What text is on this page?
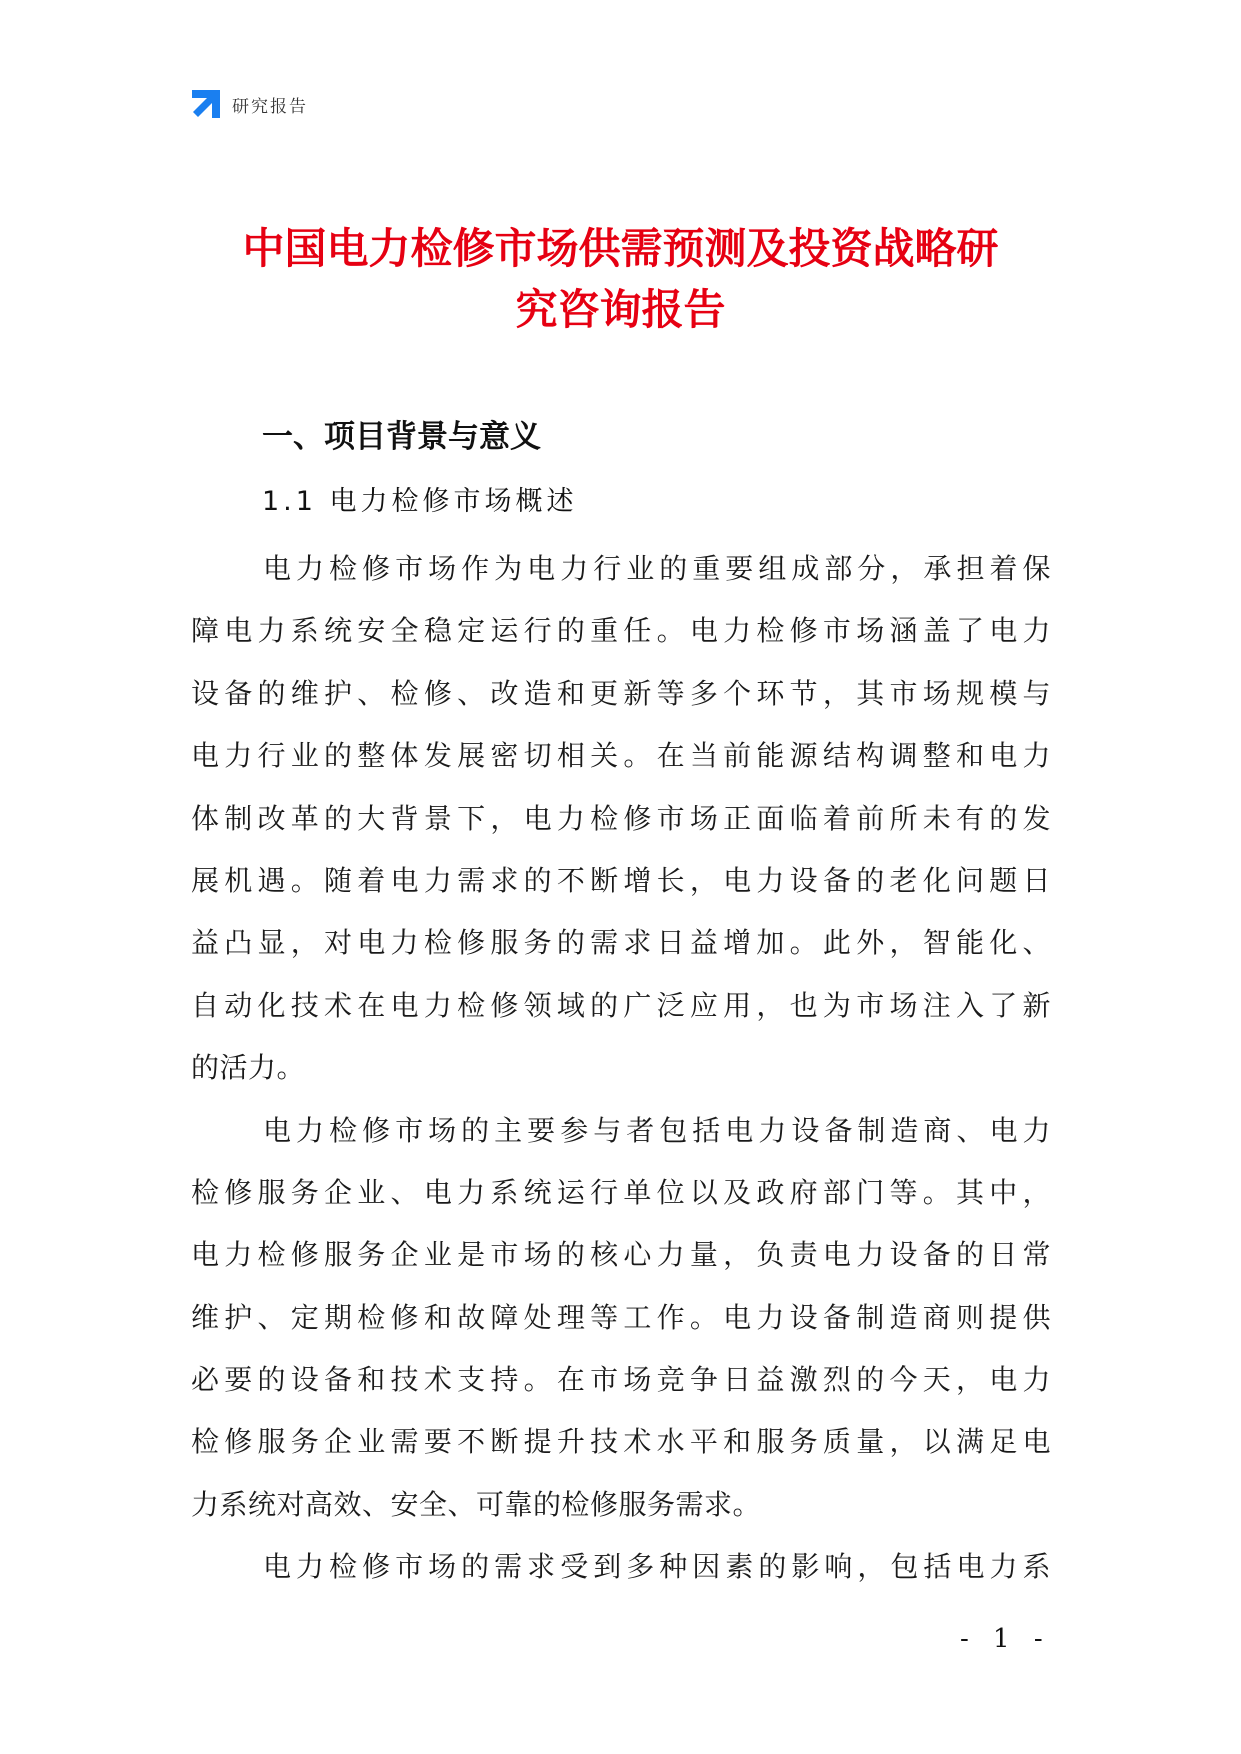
研究报告
中国电力检修市场供需预测及投资战略研
究咨询报告
一、项目背景与意义
1.1 电力检修市场概述

电力检修市场作为电力行业的重要组成部分，承担着保
障电力系统安全稳定运行的重任。电力检修市场涵盖了电力
设备的维护、检修、改造和更新等多个环节，其市场规模与
电力行业的整体发展密切相关。在当前能源结构调整和电力
体制改革的大背景下，电力检修市场正面临着前所未有的发
展机遇。随着电力需求的不断增长，电力设备的老化问题日
益凸显，对电力检修服务的需求日益增加。此外，智能化、
自动化技术在电力检修领域的广泛应用，也为市场注入了新
的活力。

电力检修市场的主要参与者包括电力设备制造商、电力
检修服务企业、电力系统运行单位以及政府部门等。其中，
电力检修服务企业是市场的核心力量，负责电力设备的日常
维护、定期检修和故障处理等工作。电力设备制造商则提供
必要的设备和技术支持。在市场竞争日益激烈的今天，电力
检修服务企业需要不断提升技术水平和服务质量，以满足电
力系统对高效、安全、可靠的检修服务需求。

电力检修市场的需求受到多种因素的影响，包括电力系

- 1 -
